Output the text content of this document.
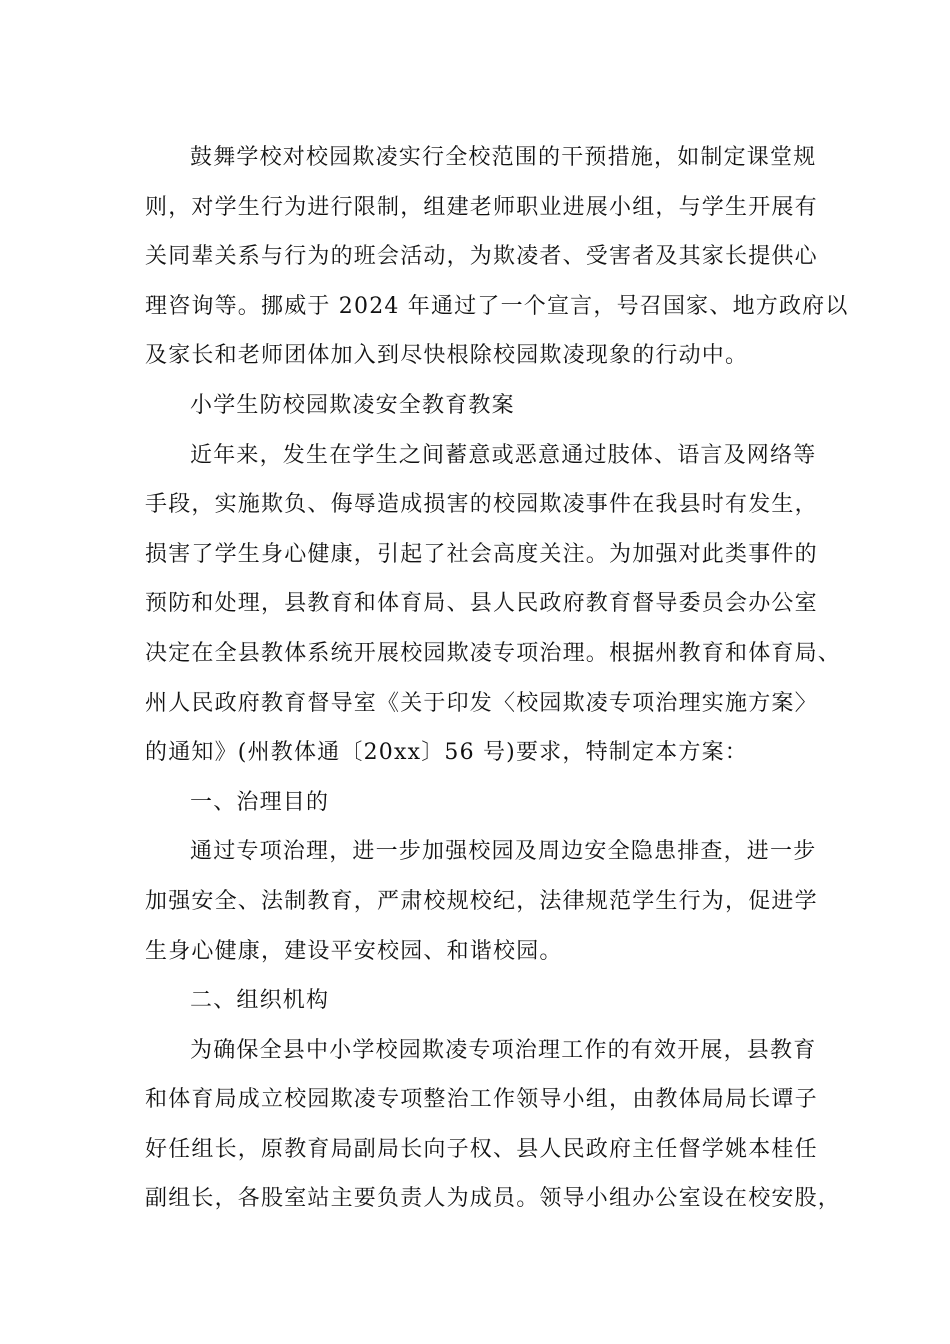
鼓舞学校对校园欺凌实行全校范围的干预措施，如制定课堂规
则，对学生行为进行限制，组建老师职业进展小组，与学生开展有
关同辈关系与行为的班会活动，为欺凌者、受害者及其家长提供心
理咨询等。挪威于 2024 年通过了一个宣言，号召国家、地方政府以
及家长和老师团体加入到尽快根除校园欺凌现象的行动中。
小学生防校园欺凌安全教育教案
近年来，发生在学生之间蓄意或恶意通过肢体、语言及网络等
手段，实施欺负、侮辱造成损害的校园欺凌事件在我县时有发生，
损害了学生身心健康，引起了社会高度关注。为加强对此类事件的
预防和处理，县教育和体育局、县人民政府教育督导委员会办公室
决定在全县教体系统开展校园欺凌专项治理。根据州教育和体育局、
州人民政府教育督导室《关于印发〈校园欺凌专项治理实施方案〉
的通知》(州教体通〔20xx〕56 号)要求，特制定本方案：
一、治理目的
通过专项治理，进一步加强校园及周边安全隐患排查，进一步
加强安全、法制教育，严肃校规校纪，法律规范学生行为，促进学
生身心健康，建设平安校园、和谐校园。
二、组织机构
为确保全县中小学校园欺凌专项治理工作的有效开展，县教育
和体育局成立校园欺凌专项整治工作领导小组，由教体局局长谭子
好任组长，原教育局副局长向子权、县人民政府主任督学姚本桂任
副组长，各股室站主要负责人为成员。领导小组办公室设在校安股，
